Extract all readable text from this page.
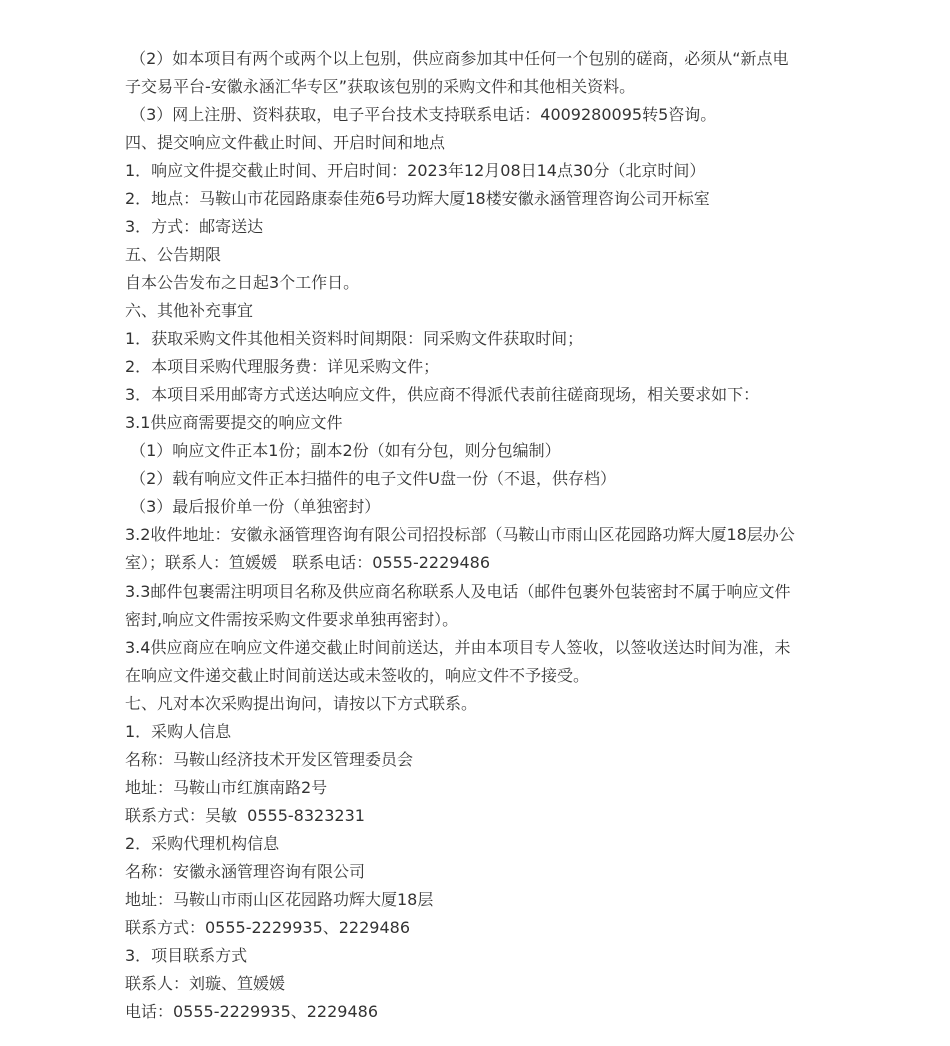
（2）如本项目有两个或两个以上包别，供应商参加其中任何一个包别的磋商，必须从“新点电
子交易平台-安徽永涵汇华专区”获取该包别的采购文件和其他相关资料。
（3）网上注册、资料获取，电子平台技术支持联系电话：4009280095转5咨询。
四、提交响应文件截止时间、开启时间和地点
1．响应文件提交截止时间、开启时间：2023年12月08日14点30分（北京时间）
2．地点：马鞍山市花园路康泰佳苑6号功辉大厦18楼安徽永涵管理咨询公司开标室
3．方式：邮寄送达
五、公告期限
自本公告发布之日起3个工作日。
六、其他补充事宜
1．获取采购文件其他相关资料时间期限：同采购文件获取时间；
2．本项目采购代理服务费：详见采购文件；
3．本项目采用邮寄方式送达响应文件，供应商不得派代表前往磋商现场，相关要求如下：
3.1供应商需要提交的响应文件
（1）响应文件正本1份；副本2份（如有分包，则分包编制）
（2）载有响应文件正本扫描件的电子文件U盘一份（不退，供存档）
（3）最后报价单一份（单独密封）
3.2收件地址：安徽永涵管理咨询有限公司招投标部（马鞍山市雨山区花园路功辉大厦18层办公
室）；联系人：笪媛媛   联系电话：0555-2229486
3.3邮件包裹需注明项目名称及供应商名称联系人及电话（邮件包裹外包装密封不属于响应文件
密封,响应文件需按采购文件要求单独再密封）。
3.4供应商应在响应文件递交截止时间前送达，并由本项目专人签收，以签收送达时间为准，未
在响应文件递交截止时间前送达或未签收的，响应文件不予接受。
七、凡对本次采购提出询问，请按以下方式联系。
1．采购人信息
名称：马鞍山经济技术开发区管理委员会
地址：马鞍山市红旗南路2号
联系方式：吴敏  0555-8323231
2．采购代理机构信息
名称：安徽永涵管理咨询有限公司
地址：马鞍山市雨山区花园路功辉大厦18层
联系方式：0555-2229935、2229486
3．项目联系方式
联系人：刘璇、笪媛媛
电话：0555-2229935、2229486
